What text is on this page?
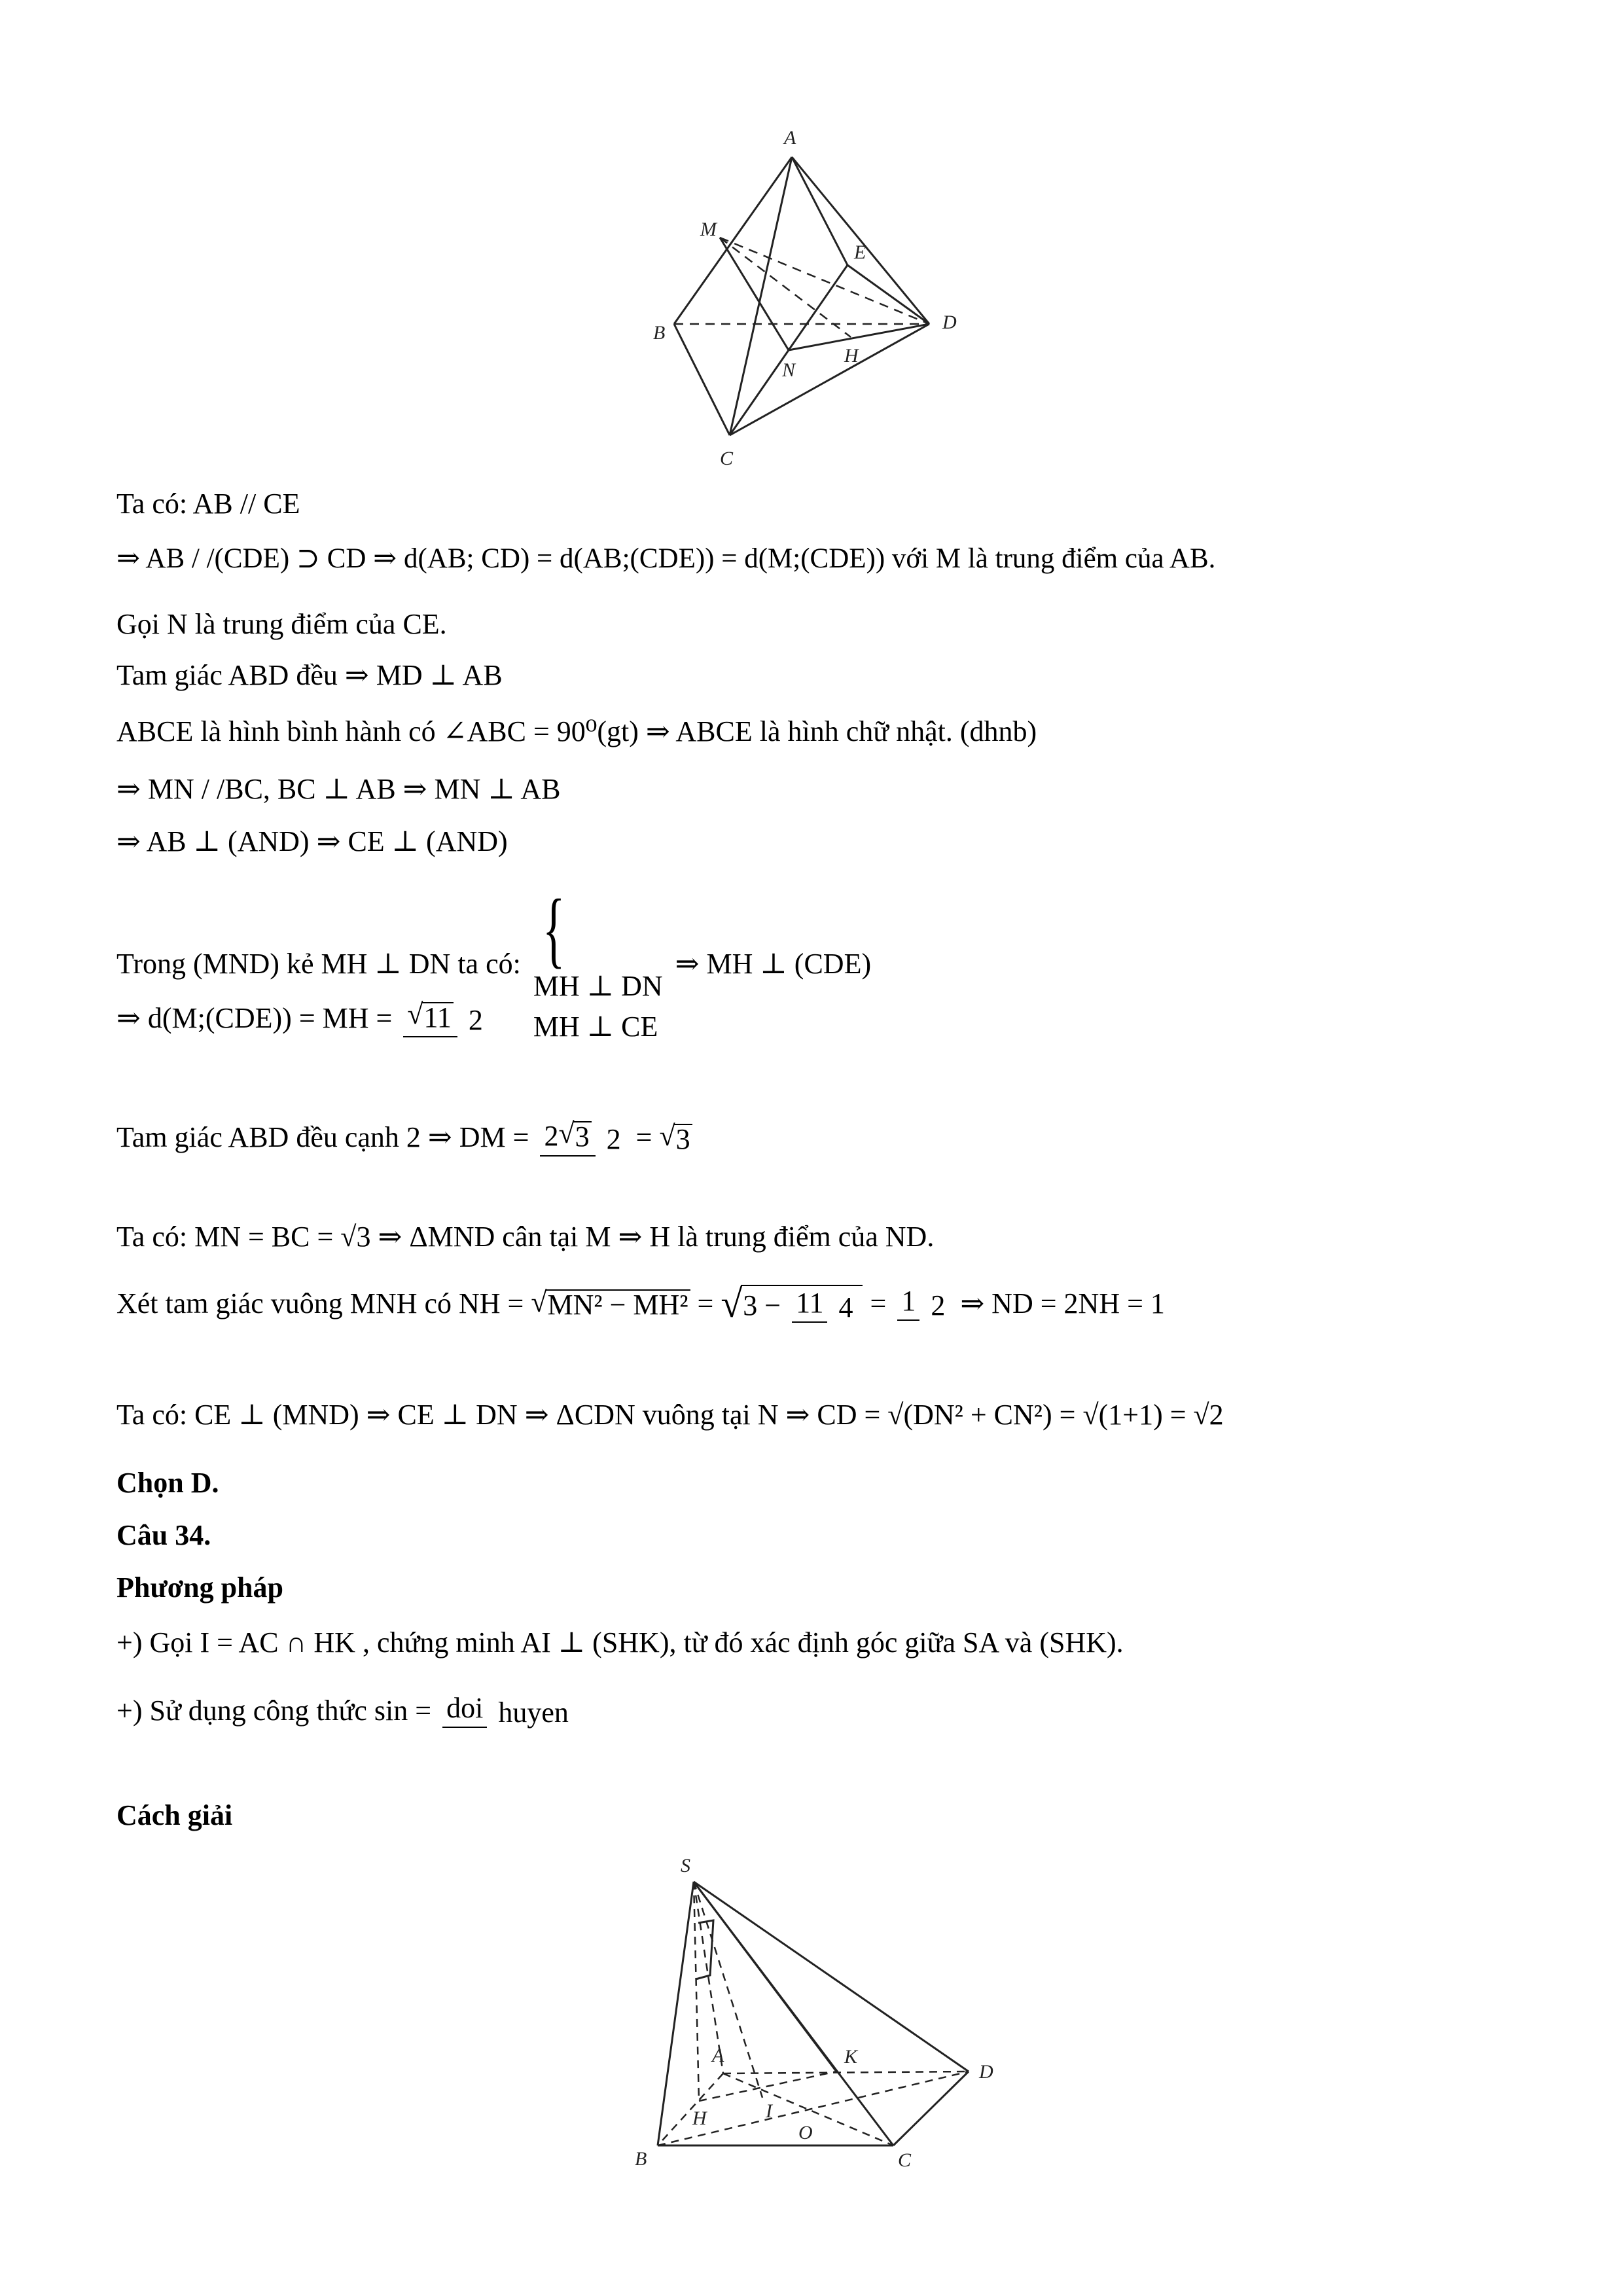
A
B
C
D
E
M
N
H
Ta có: AB // CE
⇒ AB / /(CDE) ⊃ CD ⇒ d(AB; CD) = d(AB;(CDE)) = d(M;(CDE)) với M là trung điểm của AB.
Gọi N là trung điểm của CE.
Tam giác ABD đều ⇒ MD ⊥ AB
ABCE là hình bình hành có ∠ABC = 90⁰(gt) ⇒ ABCE là hình chữ nhật. (dhnb)
⇒ MN / /BC, BC ⊥ AB ⇒ MN ⊥ AB
⇒ AB ⊥ (AND) ⇒ CE ⊥ (AND)
Trong (MND) kẻ MH ⊥ DN ta có: {
MH ⊥ DN
MH ⊥ CE
⇒ MH ⊥ (CDE)
⇒ d(M;(CDE)) = MH = √11 2
Tam giác ABD đều cạnh 2 ⇒ DM = 2√3 2 = √3
Ta có: MN = BC = √3 ⇒ ΔMND cân tại M ⇒ H là trung điểm của ND.
Xét tam giác vuông MNH có NH = √MN² − MH² = √3 − 11 4 = 1 2 ⇒ ND = 2NH = 1
Ta có: CE ⊥ (MND) ⇒ CE ⊥ DN ⇒ ΔCDN vuông tại N ⇒ CD = √(DN² + CN²) = √(1+1) = √2
Chọn D.
Câu 34.
Phương pháp
+) Gọi I = AC ∩ HK , chứng minh AI ⊥ (SHK), từ đó xác định góc giữa SA và (SHK).
+) Sử dụng công thức sin = doi huyen
Cách giải
S
A
B	C
D
H	I
K
O
